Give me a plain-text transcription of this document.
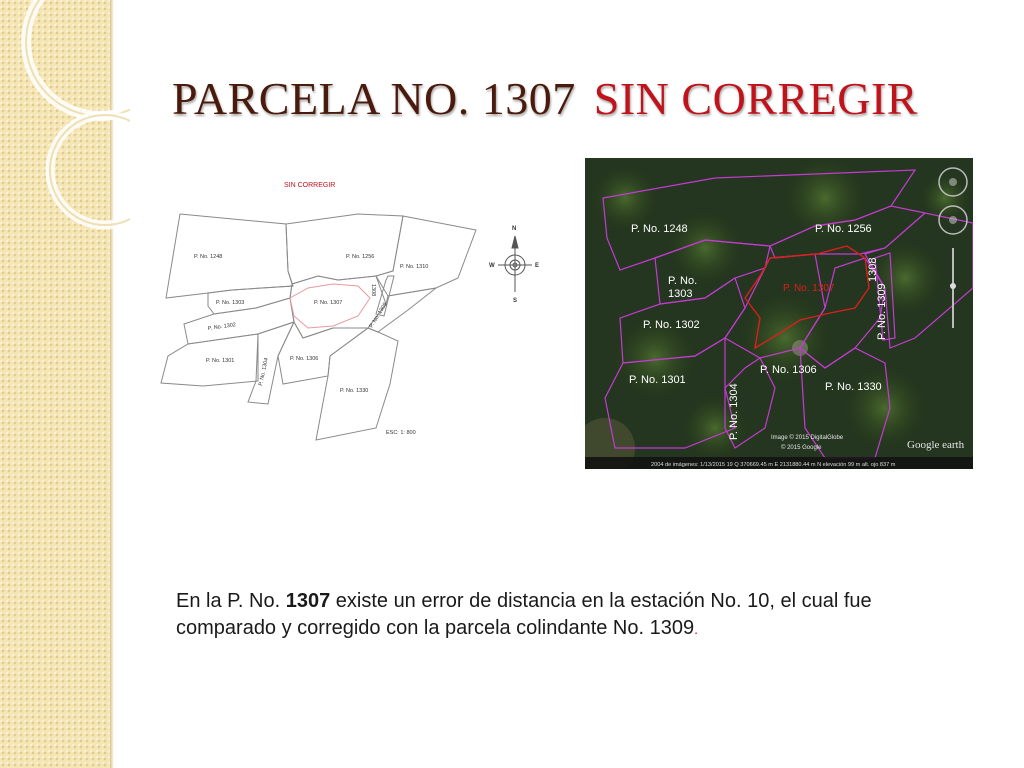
PARCELA NO. 1307 SIN CORREGIR
SIN CORREGIR
P. No. 1248	P. No. 1256
P. No. 1310
P. No. 1303	P. No. 1307
1308
P. No. 1309
P. No. 1302
P. No. 1301	P. No. 1304	P. No. 1306
P. No. 1330
ESC: 1: 800
N
S
E
W
P. No. 1248	P. No. 1256
P. No.
1303
P. No. 1302
P. No. 1301
P. No. 1304
P. No. 1306
P. No. 1330
1308
P. No. 1309
P. No. 1307
Image © 2015 DigitalGlobe
© 2015 Google	Google earth
2004 de imágenes: 1/13/2015 19 Q 370669.45 m E 2131880.44 m N elevación 99 m alt. ojo 837 m
En la P. No. 1307 existe un error de distancia en la estación No. 10, el cual fue comparado y corregido con la parcela colindante No. 1309.
